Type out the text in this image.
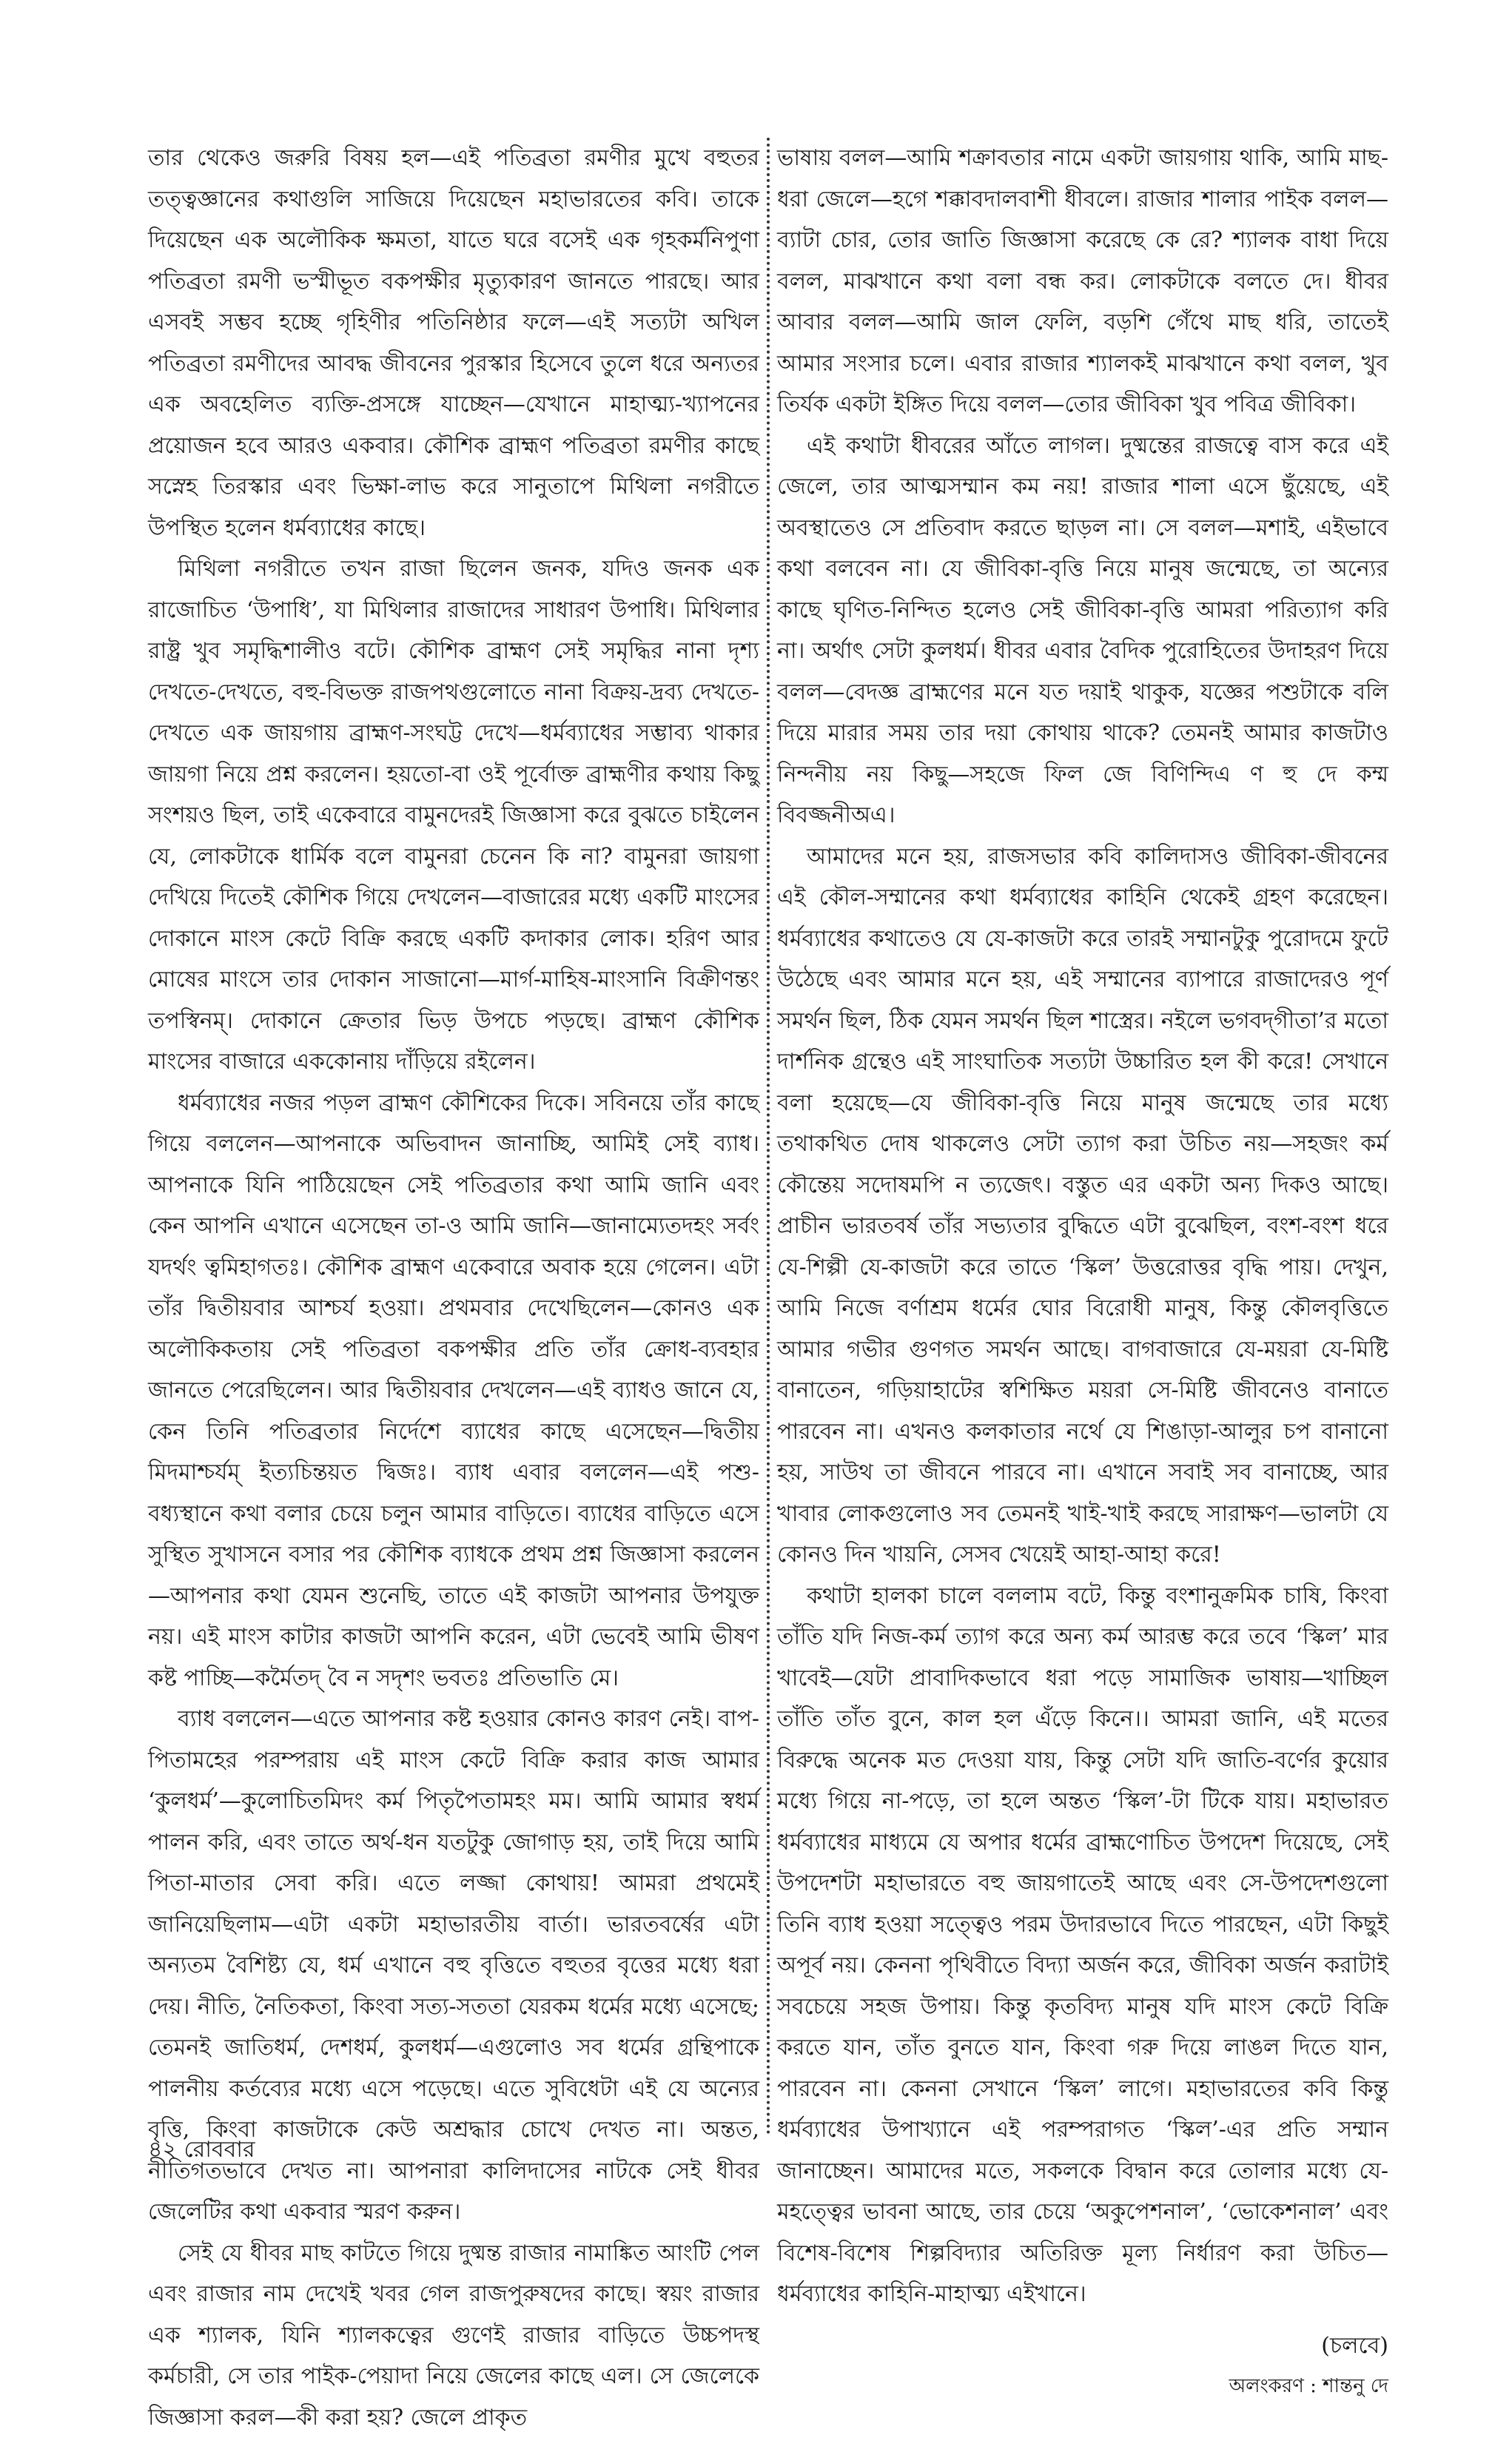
তার থেকেও জরুরি বিষয় হল—এই পতিব্রতা রমণীর মুখে বহুতর তত্ত্বজ্ঞানের কথাগুলি সাজিয়ে দিয়েছেন মহাভারতের কবি। তাকে দিয়েছেন এক অলৌকিক ক্ষমতা, যাতে ঘরে বসেই এক গৃহকর্মনিপুণা পতিব্রতা রমণী ভস্মীভূত বকপক্ষীর মৃত্যুকারণ জানতে পারছে। আর এসবই সম্ভব হচ্ছে গৃহিণীর পতিনিষ্ঠার ফলে—এই সত্যটা অখিল পতিব্রতা রমণীদের আবদ্ধ জীবনের পুরস্কার হিসেবে তুলে ধরে অন্যতর এক অবহেলিত ব্যক্তি-প্রসঙ্গে যাচ্ছেন—যেখানে মাহাত্ম্য-খ্যাপনের প্রয়োজন হবে আরও একবার। কৌশিক ব্রাহ্মণ পতিব্রতা রমণীর কাছে সস্নেহ তিরস্কার এবং ভিক্ষা-লাভ করে সানুতাপে মিথিলা নগরীতে উপস্থিত হলেন ধর্মব্যাধের কাছে।

মিথিলা নগরীতে তখন রাজা ছিলেন জনক, যদিও জনক এক রাজোচিত ‘উপাধি’, যা মিথিলার রাজাদের সাধারণ উপাধি। মিথিলার রাষ্ট্র খুব সমৃদ্ধিশালীও বটে। কৌশিক ব্রাহ্মণ সেই সমৃদ্ধির নানা দৃশ্য দেখতে-দেখতে, বহু-বিভক্ত রাজপথগুলোতে নানা বিক্রয়-দ্রব্য দেখতে-দেখতে এক জায়গায় ব্রাহ্মণ-সংঘট্ট দেখে—ধর্মব্যাধের সম্ভাব্য থাকার জায়গা নিয়ে প্রশ্ন করলেন। হয়তো-বা ওই পূর্বোক্ত ব্রাহ্মণীর কথায় কিছু সংশয়ও ছিল, তাই একেবারে বামুনদেরই জিজ্ঞাসা করে বুঝতে চাইলেন যে, লোকটাকে ধার্মিক বলে বামুনরা চেনেন কি না? বামুনরা জায়গা দেখিয়ে দিতেই কৌশিক গিয়ে দেখলেন—বাজারের মধ্যে একটি মাংসের দোকানে মাংস কেটে বিক্রি করছে একটি কদাকার লোক। হরিণ আর মোষের মাংসে তার দোকান সাজানো—মার্গ-মাহিষ-মাংসানি বিক্রীণন্তং তপস্বিনম্‌। দোকানে ক্রেতার ভিড় উপচে পড়ছে। ব্রাহ্মণ কৌশিক মাংসের বাজারে এককোনায় দাঁড়িয়ে রইলেন।

ধর্মব্যাধের নজর পড়ল ব্রাহ্মণ কৌশিকের দিকে। সবিনয়ে তাঁর কাছে গিয়ে বললেন—আপনাকে অভিবাদন জানাচ্ছি, আমিই সেই ব্যাধ। আপনাকে যিনি পাঠিয়েছেন সেই পতিব্রতার কথা আমি জানি এবং কেন আপনি এখানে এসেছেন তা-ও আমি জানি—জানাম্যেতদহং সর্বং যদর্থং ত্বমিহাগতঃ। কৌশিক ব্রাহ্মণ একেবারে অবাক হয়ে গেলেন। এটা তাঁর দ্বিতীয়বার আশ্চর্য হওয়া। প্রথমবার দেখেছিলেন—কোনও এক অলৌকিকতায় সেই পতিব্রতা বকপক্ষীর প্রতি তাঁর ক্রোধ-ব্যবহার জানতে পেরেছিলেন। আর দ্বিতীয়বার দেখলেন—এই ব্যাধও জানে যে, কেন তিনি পতিব্রতার নির্দেশে ব্যাধের কাছে এসেছেন—দ্বিতীয় মিদমাশ্চর্যম্‌ ইত্যচিন্তয়ত দ্বিজঃ। ব্যাধ এবার বললেন—এই পশু-বধ্যস্থানে কথা বলার চেয়ে চলুন আমার বাড়িতে। ব্যাধের বাড়িতে এসে সুস্থিত সুখাসনে বসার পর কৌশিক ব্যাধকে প্রথম প্রশ্ন জিজ্ঞাসা করলেন—আপনার কথা যেমন শুনেছি, তাতে এই কাজটা আপনার উপযুক্ত নয়। এই মাংস কাটার কাজটা আপনি করেন, এটা ভেবেই আমি ভীষণ কষ্ট পাচ্ছি—কর্মৈতদ্‌ বৈ ন সদৃশং ভবতঃ প্রতিভাতি মে।

ব্যাধ বললেন—এতে আপনার কষ্ট হওয়ার কোনও কারণ নেই। বাপ-পিতামহের পরম্পরায় এই মাংস কেটে বিক্রি করার কাজ আমার ‘কুলধর্ম’—কুলোচিতমিদং কর্ম পিতৃপৈতামহং মম। আমি আমার স্বধর্ম পালন করি, এবং তাতে অর্থ-ধন যতটুকু জোগাড় হয়, তাই দিয়ে আমি পিতা-মাতার সেবা করি। এতে লজ্জা কোথায়! আমরা প্রথমেই জানিয়েছিলাম—এটা একটা মহাভারতীয় বার্তা। ভারতবর্ষের এটা অন্যতম বৈশিষ্ট্য যে, ধর্ম এখানে বহু বৃত্তিতে বহুতর বৃত্তের মধ্যে ধরা দেয়। নীতি, নৈতিকতা, কিংবা সত্য-সততা যেরকম ধর্মের মধ্যে এসেছে; তেমনই জাতিধর্ম, দেশধর্ম, কুলধর্ম—এগুলোও সব ধর্মের গ্রন্থিপাকে পালনীয় কর্তব্যের মধ্যে এসে পড়েছে। এতে সুবিধেটা এই যে অন্যের বৃত্তি, কিংবা কাজটাকে কেউ অশ্রদ্ধার চোখে দেখত না। অন্তত, নীতিগতভাবে দেখত না। আপনারা কালিদাসের নাটকে সেই ধীবর জেলেটির কথা একবার স্মরণ করুন।

সেই যে ধীবর মাছ কাটতে গিয়ে দুষ্মন্ত রাজার নামাঙ্কিত আংটি পেল এবং রাজার নাম দেখেই খবর গেল রাজপুরুষদের কাছে। স্বয়ং রাজার এক শ্যালক, যিনি শ্যালকত্বের গুণেই রাজার বাড়িতে উচ্চপদস্থ কর্মচারী, সে তার পাইক-পেয়াদা নিয়ে জেলের কাছে এল। সে জেলেকে জিজ্ঞাসা করল—কী করা হয়? জেলে প্রাকৃত

ভাষায় বলল—আমি শক্রাবতার নামে একটা জায়গায় থাকি, আমি মাছ-ধরা জেলে—হগে শক্কাবদালবাশী ধীবলে। রাজার শালার পাইক বলল—ব্যাটা চোর, তোর জাতি জিজ্ঞাসা করেছে কে রে? শ্যালক বাধা দিয়ে বলল, মাঝখানে কথা বলা বন্ধ কর। লোকটাকে বলতে দে। ধীবর আবার বলল—আমি জাল ফেলি, বড়শি গেঁথে মাছ ধরি, তাতেই আমার সংসার চলে। এবার রাজার শ্যালকই মাঝখানে কথা বলল, খুব তির্যক একটা ইঙ্গিত দিয়ে বলল—তোর জীবিকা খুব পবিত্র জীবিকা।

এই কথাটা ধীবরের আঁতে লাগল। দুষ্মন্তের রাজত্বে বাস করে এই জেলে, তার আত্মসম্মান কম নয়! রাজার শালা এসে ছুঁয়েছে, এই অবস্থাতেও সে প্রতিবাদ করতে ছাড়ল না। সে বলল—মশাই, এইভাবে কথা বলবেন না। যে জীবিকা-বৃত্তি নিয়ে মানুষ জন্মেছে, তা অন্যের কাছে ঘৃণিত-নিন্দিত হলেও সেই জীবিকা-বৃত্তি আমরা পরিত্যাগ করি না। অর্থাৎ সেটা কুলধর্ম। ধীবর এবার বৈদিক পুরোহিতের উদাহরণ দিয়ে বলল—বেদজ্ঞ ব্রাহ্মণের মনে যত দয়াই থাকুক, যজ্ঞের পশুটাকে বলি দিয়ে মারার সময় তার দয়া কোথায় থাকে? তেমনই আমার কাজটাও নিন্দনীয় নয় কিছু—সহজে ফিল জে বিণিন্দিএ ণ হু দে কম্ম বিবজ্জনীঅএ।

আমাদের মনে হয়, রাজসভার কবি কালিদাসও জীবিকা-জীবনের এই কৌল-সম্মানের কথা ধর্মব্যাধের কাহিনি থেকেই গ্রহণ করেছেন। ধর্মব্যাধের কথাতেও যে যে-কাজটা করে তারই সম্মানটুকু পুরোদমে ফুটে উঠেছে এবং আমার মনে হয়, এই সম্মানের ব্যাপারে রাজাদেরও পূর্ণ সমর্থন ছিল, ঠিক যেমন সমর্থন ছিল শাস্ত্রের। নইলে ভগবদ্‌গীতা’র মতো দার্শনিক গ্রন্থেও এই সাংঘাতিক সত্যটা উচ্চারিত হল কী করে! সেখানে বলা হয়েছে—যে জীবিকা-বৃত্তি নিয়ে মানুষ জন্মেছে তার মধ্যে তথাকথিত দোষ থাকলেও সেটা ত্যাগ করা উচিত নয়—সহজং কর্ম কৌন্তেয় সদোষমপি ন ত্যজেৎ। বস্তুত এর একটা অন্য দিকও আছে। প্রাচীন ভারতবর্ষ তাঁর সভ্যতার বুদ্ধিতে এটা বুঝেছিল, বংশ-বংশ ধরে যে-শিল্পী যে-কাজটা করে তাতে ‘স্কিল’ উত্তরোত্তর বৃদ্ধি পায়। দেখুন, আমি নিজে বর্ণাশ্রম ধর্মের ঘোর বিরোধী মানুষ, কিন্তু কৌলবৃত্তিতে আমার গভীর গুণগত সমর্থন আছে। বাগবাজারে যে-ময়রা যে-মিষ্টি বানাতেন, গড়িয়াহাটের স্বশিক্ষিত ময়রা সে-মিষ্টি জীবনেও বানাতে পারবেন না। এখনও কলকাতার নর্থে যে শিঙাড়া-আলুর চপ বানানো হয়, সাউথ তা জীবনে পারবে না। এখানে সবাই সব বানাচ্ছে, আর খাবার লোকগুলোও সব তেমনই খাই-খাই করছে সারাক্ষণ—ভালটা যে কোনও দিন খায়নি, সেসব খেয়েই আহা-আহা করে!

কথাটা হালকা চালে বললাম বটে, কিন্তু বংশানুক্রমিক চাষি, কিংবা তাঁতি যদি নিজ-কর্ম ত্যাগ করে অন্য কর্ম আরম্ভ করে তবে ‘স্কিল’ মার খাবেই—যেটা প্রাবাদিকভাবে ধরা পড়ে সামাজিক ভাষায়—খাচ্ছিল তাঁতি তাঁত বুনে, কাল হল এঁড়ে কিনে।। আমরা জানি, এই মতের বিরুদ্ধে অনেক মত দেওয়া যায়, কিন্তু সেটা যদি জাতি-বর্ণের কুয়োর মধ্যে গিয়ে না-পড়ে, তা হলে অন্তত ‘স্কিল’-টা টিকে যায়। মহাভারত ধর্মব্যাধের মাধ্যমে যে অপার ধর্মের ব্রাহ্মণোচিত উপদেশ দিয়েছে, সেই উপদেশটা মহাভারতে বহু জায়গাতেই আছে এবং সে-উপদেশগুলো তিনি ব্যাধ হওয়া সত্ত্বেও পরম উদারভাবে দিতে পারছেন, এটা কিছুই অপূর্ব নয়। কেননা পৃথিবীতে বিদ্যা অর্জন করে, জীবিকা অর্জন করাটাই সবচেয়ে সহজ উপায়। কিন্তু কৃতবিদ্য মানুষ যদি মাংস কেটে বিক্রি করতে যান, তাঁত বুনতে যান, কিংবা গরু দিয়ে লাঙল দিতে যান, পারবেন না। কেননা সেখানে ‘স্কিল’ লাগে। মহাভারতের কবি কিন্তু ধর্মব্যাধের উপাখ্যানে এই পরম্পরাগত ‘স্কিল’-এর প্রতি সম্মান জানাচ্ছেন। আমাদের মতে, সকলকে বিদ্বান করে তোলার মধ্যে যে-মহত্ত্বের ভাবনা আছে, তার চেয়ে ‘অকুপেশনাল’, ‘ভোকেশনাল’ এবং বিশেষ-বিশেষ শিল্পবিদ্যার অতিরিক্ত মূল্য নির্ধারণ করা উচিত—ধর্মব্যাধের কাহিনি-মাহাত্ম্য এইখানে।

(চলবে)

অলংকরণ : শান্তনু দে

৪২ রোববার
